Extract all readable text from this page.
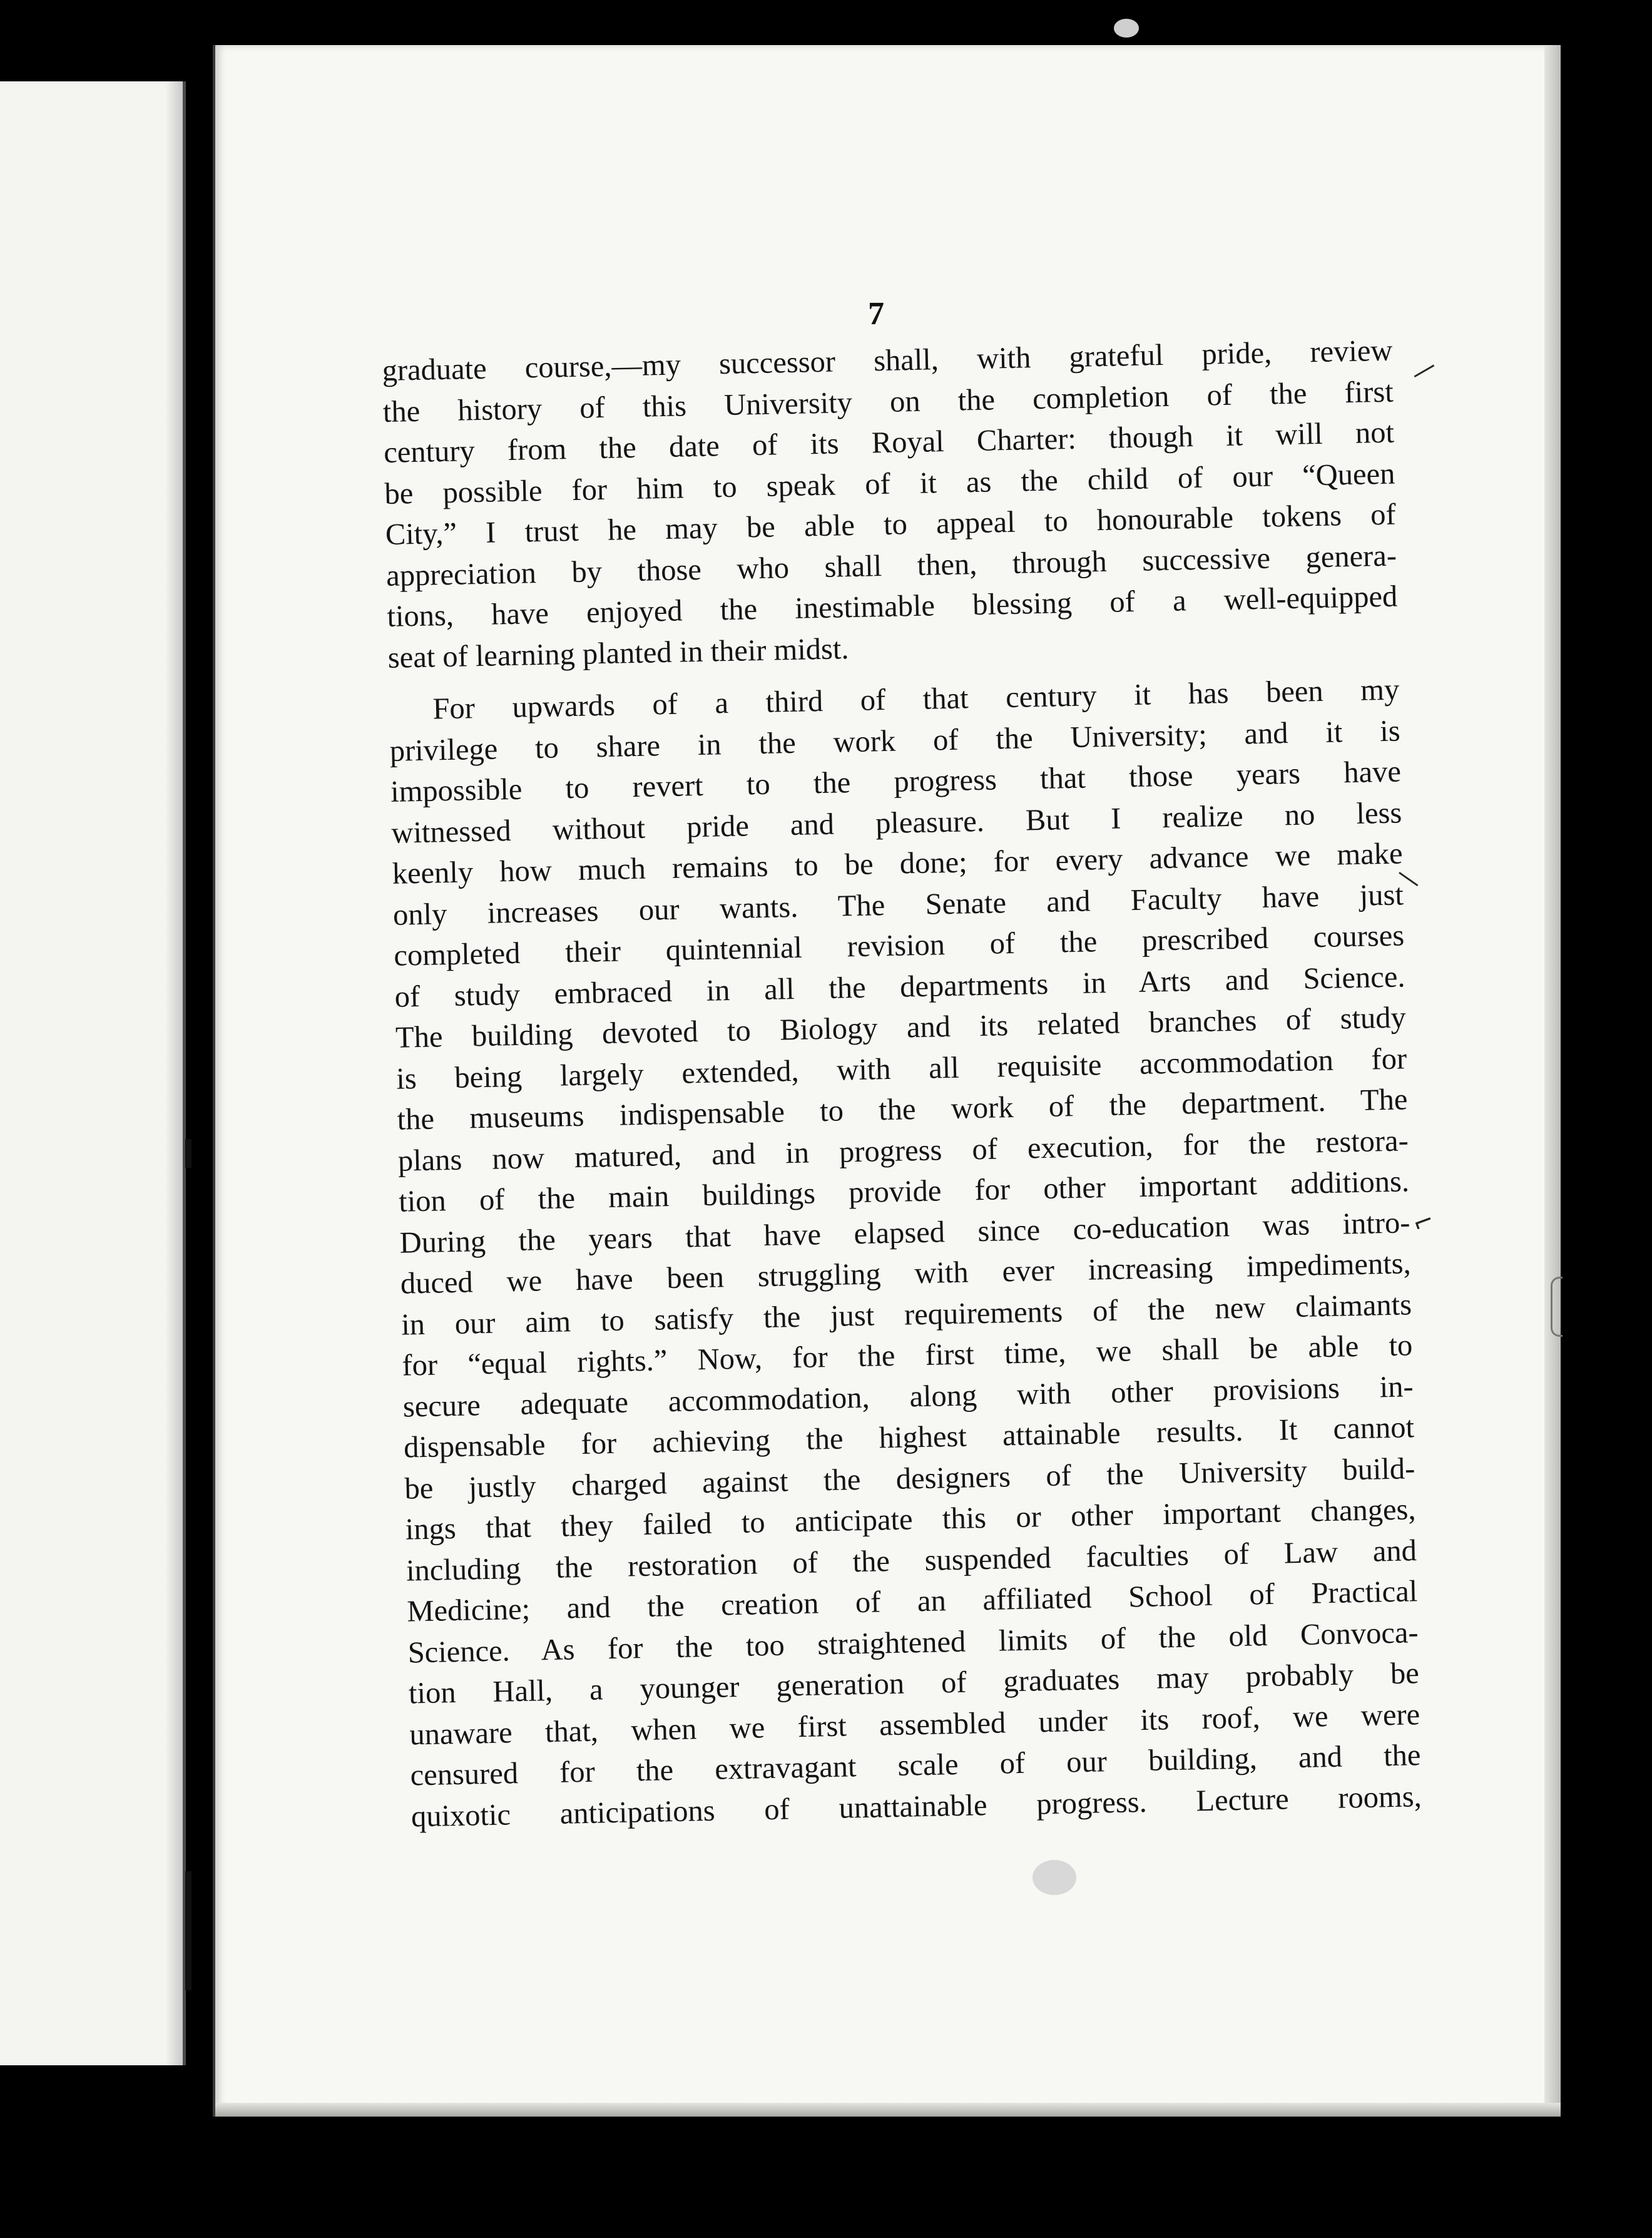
7
graduate course,—my successor shall, with grateful pride, review
the history of this University on the completion of the first
century from the date of its Royal Charter: though it will not
be possible for him to speak of it as the child of our “Queen
City,” I trust he may be able to appeal to honourable tokens of
appreciation by those who shall then, through successive genera-
tions, have enjoyed the inestimable blessing of a well-equipped
seat of learning planted in their midst.
For upwards of a third of that century it has been my
privilege to share in the work of the University; and it is
impossible to revert to the progress that those years have
witnessed without pride and pleasure. But I realize no less
keenly how much remains to be done; for every advance we make
only increases our wants. The Senate and Faculty have just
completed their quintennial revision of the prescribed courses
of study embraced in all the departments in Arts and Science.
The building devoted to Biology and its related branches of study
is being largely extended, with all requisite accommodation for
the museums indispensable to the work of the department. The
plans now matured, and in progress of execution, for the restora-
tion of the main buildings provide for other important additions.
During the years that have elapsed since co-education was intro-
duced we have been struggling with ever increasing impediments,
in our aim to satisfy the just requirements of the new claimants
for “equal rights.” Now, for the first time, we shall be able to
secure adequate accommodation, along with other provisions in-
dispensable for achieving the highest attainable results. It cannot
be justly charged against the designers of the University build-
ings that they failed to anticipate this or other important changes,
including the restoration of the suspended faculties of Law and
Medicine; and the creation of an affiliated School of Practical
Science. As for the too straightened limits of the old Convoca-
tion Hall, a younger generation of graduates may probably be
unaware that, when we first assembled under its roof, we were
censured for the extravagant scale of our building, and the
quixotic anticipations of unattainable progress. Lecture rooms,
—
—
⌐
